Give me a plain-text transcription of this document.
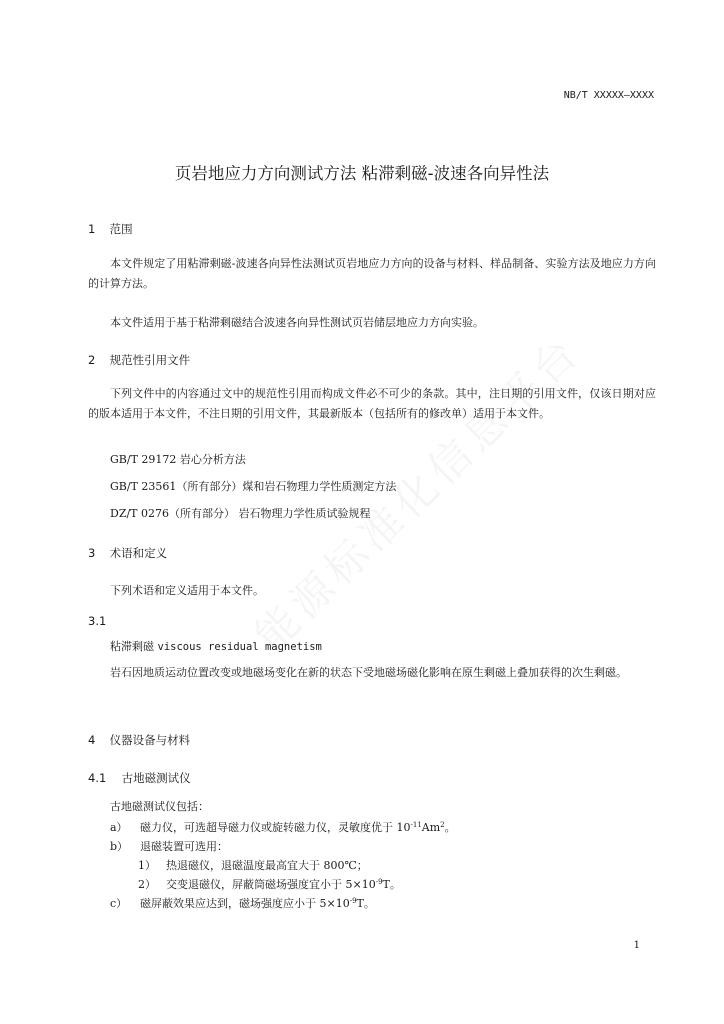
NB/T XXXXX—XXXX
页岩地应力方向测试方法 粘滞剩磁-波速各向异性法
1 范围
本文件规定了用粘滞剩磁-波速各向异性法测试页岩地应力方向的设备与材料、样品制备、实验方法及地应力方向的计算方法。
本文件适用于基于粘滞剩磁结合波速各向异性测试页岩储层地应力方向实验。
2 规范性引用文件
下列文件中的内容通过文中的规范性引用而构成文件必不可少的条款。其中，注日期的引用文件，仅该日期对应的版本适用于本文件，不注日期的引用文件，其最新版本（包括所有的修改单）适用于本文件。
GB/T 29172 岩心分析方法
GB/T 23561（所有部分）煤和岩石物理力学性质测定方法
DZ/T 0276（所有部分） 岩石物理力学性质试验规程
3 术语和定义
下列术语和定义适用于本文件。
3.1
粘滞剩磁 viscous residual magnetism
岩石因地质运动位置改变或地磁场变化在新的状态下受地磁场磁化影响在原生剩磁上叠加获得的次生剩磁。
4 仪器设备与材料
4.1 古地磁测试仪
古地磁测试仪包括：
a） 磁力仪，可选超导磁力仪或旋转磁力仪，灵敏度优于 $10^{-11}Am^2$。
b） 退磁装置可选用：
1） 热退磁仪，退磁温度最高宜大于 800℃；
2） 交变退磁仪，屏蔽筒磁场强度宜小于 $5\times 10^{-9}T$。
c） 磁屏蔽效果应达到，磁场强度应小于 $5\times 10^{-9}T$。
1
